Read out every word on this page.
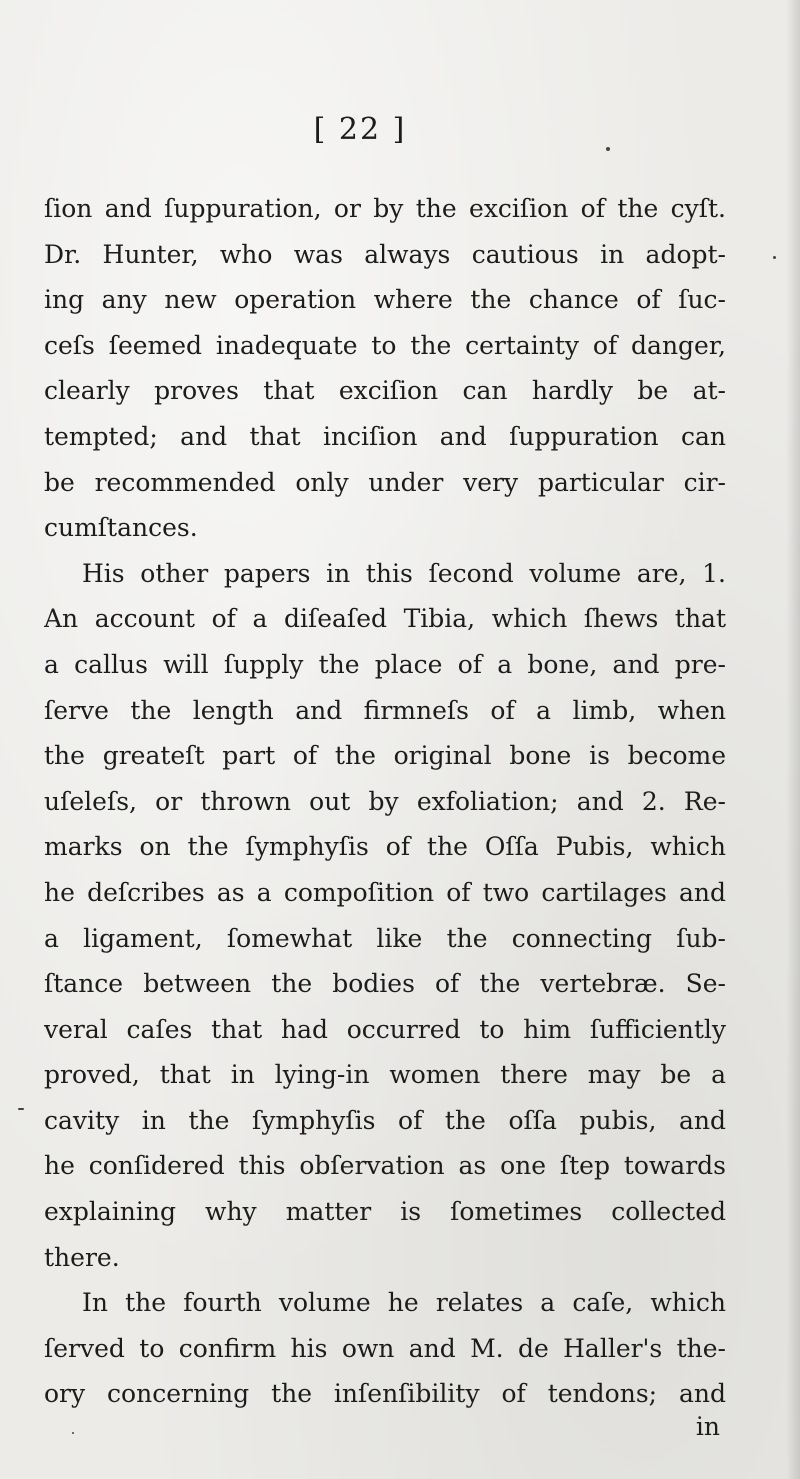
[ 22 ]
ſion and ſuppuration, or by the exciſion of the cyſt.
Dr. Hunter, who was always cautious in adopt-
ing any new operation where the chance of ſuc-
ceſs ſeemed inadequate to the certainty of danger,
clearly proves that exciſion can hardly be at-
tempted; and that inciſion and ſuppuration can
be recommended only under very particular cir-
cumſtances.
His other papers in this ſecond volume are, 1.
An account of a diſeaſed Tibia, which ſhews that
a callus will ſupply the place of a bone, and pre-
ſerve the length and firmneſs of a limb, when
the greateſt part of the original bone is become
uſeleſs, or thrown out by exfoliation; and 2. Re-
marks on the ſymphyſis of the Oſſa Pubis, which
he deſcribes as a compoſition of two cartilages and
a ligament, ſomewhat like the connecting ſub-
ſtance between the bodies of the vertebræ. Se-
veral caſes that had occurred to him ſufficiently
proved, that in lying-in women there may be a
cavity in the ſymphyſis of the oſſa pubis, and
he conſidered this obſervation as one ſtep towards
explaining why matter is ſometimes collected
there.
In the fourth volume he relates a caſe, which
ſerved to confirm his own and M. de Haller's the-
ory concerning the inſenſibility of tendons; and
in
